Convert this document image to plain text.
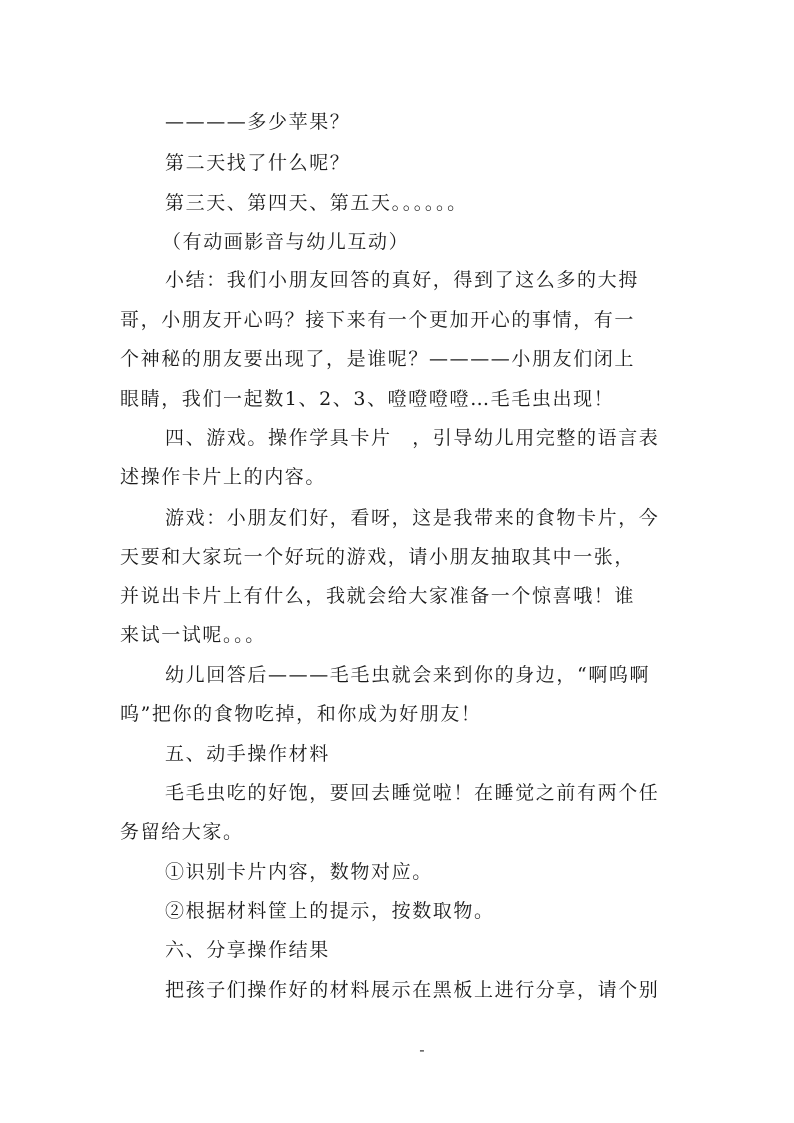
————多少苹果？
第二天找了什么呢？
第三天、第四天、第五天。。。。。。
（有动画影音与幼儿互动）
小结：我们小朋友回答的真好，得到了这么多的大拇
哥，小朋友开心吗？接下来有一个更加开心的事情，有一
个神秘的朋友要出现了，是谁呢？————小朋友们闭上
眼睛，我们一起数1、2、3、噔噔噔噔…毛毛虫出现！
四、游戏。操作学具卡片　，引导幼儿用完整的语言表
述操作卡片上的内容。
游戏：小朋友们好，看呀，这是我带来的食物卡片，今
天要和大家玩一个好玩的游戏，请小朋友抽取其中一张，
并说出卡片上有什么，我就会给大家准备一个惊喜哦！谁
来试一试呢。。。
幼儿回答后———毛毛虫就会来到你的身边，“啊呜啊
呜”把你的食物吃掉，和你成为好朋友！
五、动手操作材料
毛毛虫吃的好饱，要回去睡觉啦！在睡觉之前有两个任
务留给大家。
①识别卡片内容，数物对应。
②根据材料筐上的提示，按数取物。
六、分享操作结果
把孩子们操作好的材料展示在黑板上进行分享，请个别
-
